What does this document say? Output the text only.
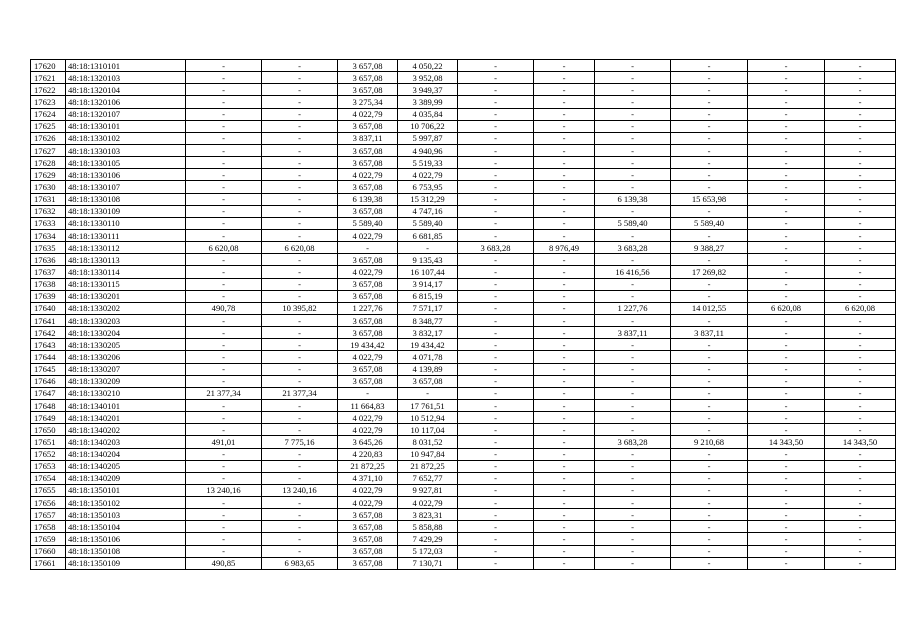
17620	48:18:1310101	-	-	3 657,08	4 050,22	-	-	-	-	-	-
17621	48:18:1320103	-	-	3 657,08	3 952,08	-	-	-	-	-	-
17622	48:18:1320104	-	-	3 657,08	3 949,37	-	-	-	-	-	-
17623	48:18:1320106	-	-	3 275,34	3 389,99	-	-	-	-	-	-
17624	48:18:1320107	-	-	4 022,79	4 035,84	-	-	-	-	-	-
17625	48:18:1330101	-	-	3 657,08	10 706,22	-	-	-	-	-	-
17626	48:18:1330102	-	-	3 837,11	5 997,87	-	-	-	-	-	-
17627	48:18:1330103	-	-	3 657,08	4 940,96	-	-	-	-	-	-
17628	48:18:1330105	-	-	3 657,08	5 519,33	-	-	-	-	-	-
17629	48:18:1330106	-	-	4 022,79	4 022,79	-	-	-	-	-	-
17630	48:18:1330107	-	-	3 657,08	6 753,95	-	-	-	-	-	-
17631	48:18:1330108	-	-	6 139,38	15 312,29	-	-	6 139,38	15 653,98	-	-
17632	48:18:1330109	-	-	3 657,08	4 747,16	-	-	-	-	-	-
17633	48:18:1330110	-	-	5 589,40	5 589,40	-	-	5 589,40	5 589,40	-	-
17634	48:18:1330111	-	-	4 022,79	6 681,85	-	-	-	-	-	-
17635	48:18:1330112	6 620,08	6 620,08	-	-	3 683,28	8 976,49	3 683,28	9 388,27	-	-
17636	48:18:1330113	-	-	3 657,08	9 135,43	-	-	-	-	-	-
17637	48:18:1330114	-	-	4 022,79	16 107,44	-	-	16 416,56	17 269,82	-	-
17638	48:18:1330115	-	-	3 657,08	3 914,17	-	-	-	-	-	-
17639	48:18:1330201	-	-	3 657,08	6 815,19	-	-	-	-	-	-
17640	48:18:1330202	490,78	10 395,82	1 227,76	7 571,17	-	-	1 227,76	14 012,55	6 620,08	6 620,08
17641	48:18:1330203	-	-	3 657,08	8 348,77	-	-	-	-	-	-
17642	48:18:1330204	-	-	3 657,08	3 832,17	-	-	3 837,11	3 837,11	-	-
17643	48:18:1330205	-	-	19 434,42	19 434,42	-	-	-	-	-	-
17644	48:18:1330206	-	-	4 022,79	4 071,78	-	-	-	-	-	-
17645	48:18:1330207	-	-	3 657,08	4 139,89	-	-	-	-	-	-
17646	48:18:1330209	-	-	3 657,08	3 657,08	-	-	-	-	-	-
17647	48:18:1330210	21 377,34	21 377,34	-	-	-	-	-	-	-	-
17648	48:18:1340101	-	-	11 664,83	17 761,51	-	-	-	-	-	-
17649	48:18:1340201	-	-	4 022,79	10 512,94	-	-	-	-	-	-
17650	48:18:1340202	-	-	4 022,79	10 117,04	-	-	-	-	-	-
17651	48:18:1340203	491,01	7 775,16	3 645,26	8 031,52	-	-	3 683,28	9 210,68	14 343,50	14 343,50
17652	48:18:1340204	-	-	4 220,83	10 947,84	-	-	-	-	-	-
17653	48:18:1340205	-	-	21 872,25	21 872,25	-	-	-	-	-	-
17654	48:18:1340209	-	-	4 371,10	7 652,77	-	-	-	-	-	-
17655	48:18:1350101	13 240,16	13 240,16	4 022,79	9 927,81	-	-	-	-	-	-
17656	48:18:1350102	-	-	4 022,79	4 022,79	-	-	-	-	-	-
17657	48:18:1350103	-	-	3 657,08	3 823,31	-	-	-	-	-	-
17658	48:18:1350104	-	-	3 657,08	5 858,88	-	-	-	-	-	-
17659	48:18:1350106	-	-	3 657,08	7 429,29	-	-	-	-	-	-
17660	48:18:1350108	-	-	3 657,08	5 172,03	-	-	-	-	-	-
17661	48:18:1350109	490,85	6 983,65	3 657,08	7 130,71	-	-	-	-	-	-
